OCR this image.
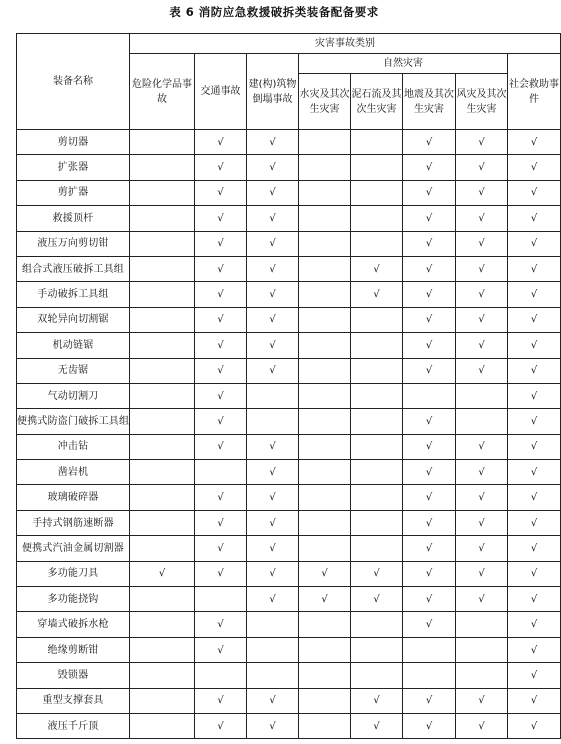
表 6 消防应急救援破拆类装备配备要求
装备名称	灾害事故类别							
	危险化学品事故	交通事故	建(构)筑物倒塌事故	自然灾害				社会救助事件
				水灾及其次生灾害	泥石流及其次生灾害	地震及其次生灾害	风灾及其次生灾害	
剪切器		√	√			√	√	√
扩张器		√	√			√	√	√
剪扩器		√	√			√	√	√
救援顶杆		√	√			√	√	√
液压万向剪切钳		√	√			√	√	√
组合式液压破拆工具组		√	√		√	√	√	√
手动破拆工具组		√	√		√	√	√	√
双轮异向切割锯		√	√			√	√	√
机动链锯		√	√			√	√	√
无齿锯		√	√			√	√	√
气动切割刀		√						√
便携式防盗门破拆工具组		√				√		√
冲击钻		√	√			√	√	√
凿岩机			√			√	√	√
玻璃破碎器		√	√			√	√	√
手持式钢筋速断器		√	√			√	√	√
便携式汽油金属切割器		√	√			√	√	√
多功能刀具	√	√	√	√	√	√	√	√
多功能挠钩			√	√	√	√	√	√
穿墙式破拆水枪		√				√		√
绝缘剪断钳		√						√
毁锁器								√
重型支撑套具		√	√		√	√	√	√
液压千斤顶		√	√		√	√	√	√
